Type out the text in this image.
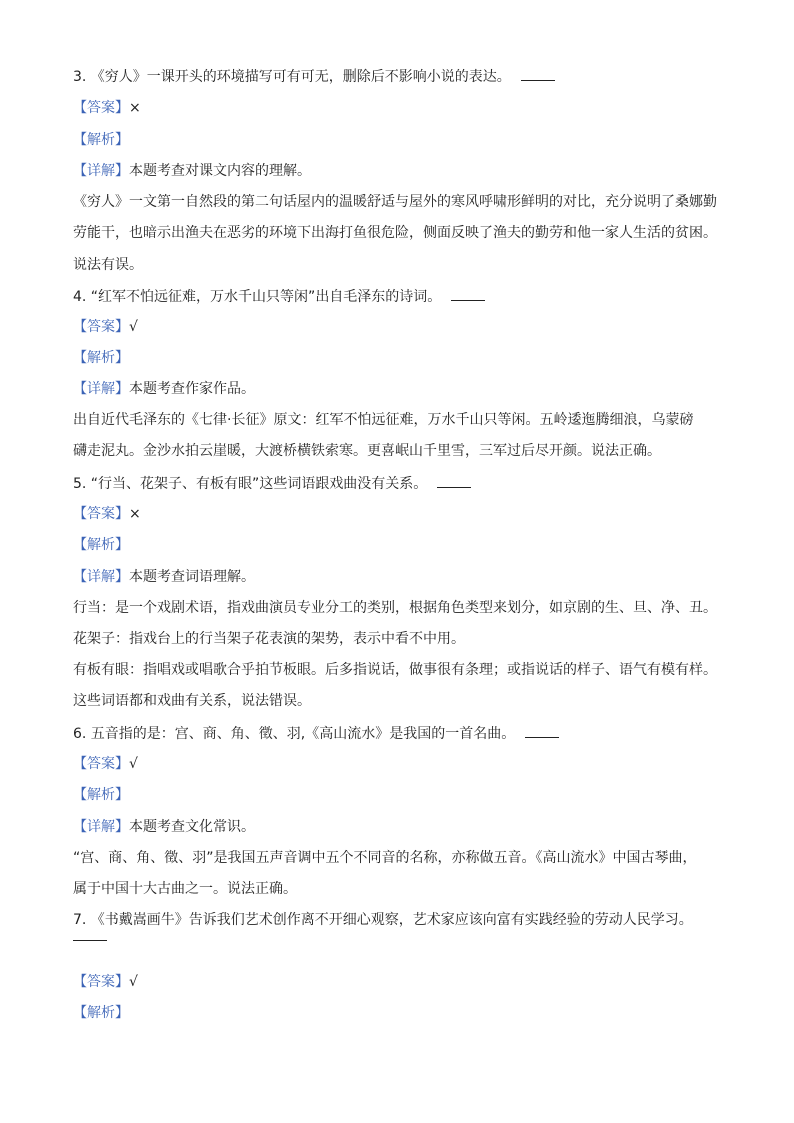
3. 《穷人》一课开头的环境描写可有可无，删除后不影响小说的表达。
【答案】×
【解析】
【详解】本题考查对课文内容的理解。
《穷人》一文第一自然段的第二句话屋内的温暖舒适与屋外的寒风呼啸形鲜明的对比，充分说明了桑娜勤
劳能干，也暗示出渔夫在恶劣的环境下出海打鱼很危险，侧面反映了渔夫的勤劳和他一家人生活的贫困。
说法有误。
4. “红军不怕远征难，万水千山只等闲”出自毛泽东的诗词。
【答案】√
【解析】
【详解】本题考查作家作品。
出自近代毛泽东的《七律·长征》原文：红军不怕远征难，万水千山只等闲。五岭逶迤腾细浪，乌蒙磅
礴走泥丸。金沙水拍云崖暖，大渡桥横铁索寒。更喜岷山千里雪，三军过后尽开颜。说法正确。
5. “行当、花架子、有板有眼”这些词语跟戏曲没有关系。
【答案】×
【解析】
【详解】本题考查词语理解。
行当：是一个戏剧术语，指戏曲演员专业分工的类别，根据角色类型来划分，如京剧的生、旦、净、丑。
花架子：指戏台上的行当架子花表演的架势，表示中看不中用。
有板有眼：指唱戏或唱歌合乎拍节板眼。后多指说话，做事很有条理；或指说话的样子、语气有模有样。
这些词语都和戏曲有关系，说法错误。
6. 五音指的是：宫、商、角、徵、羽,《高山流水》是我国的一首名曲。
【答案】√
【解析】
【详解】本题考查文化常识。
“宫、商、角、徵、羽”是我国五声音调中五个不同音的名称，亦称做五音。《高山流水》中国古琴曲，
属于中国十大古曲之一。说法正确。
7. 《书戴嵩画牛》告诉我们艺术创作离不开细心观察，艺术家应该向富有实践经验的劳动人民学习。
【答案】√
【解析】
